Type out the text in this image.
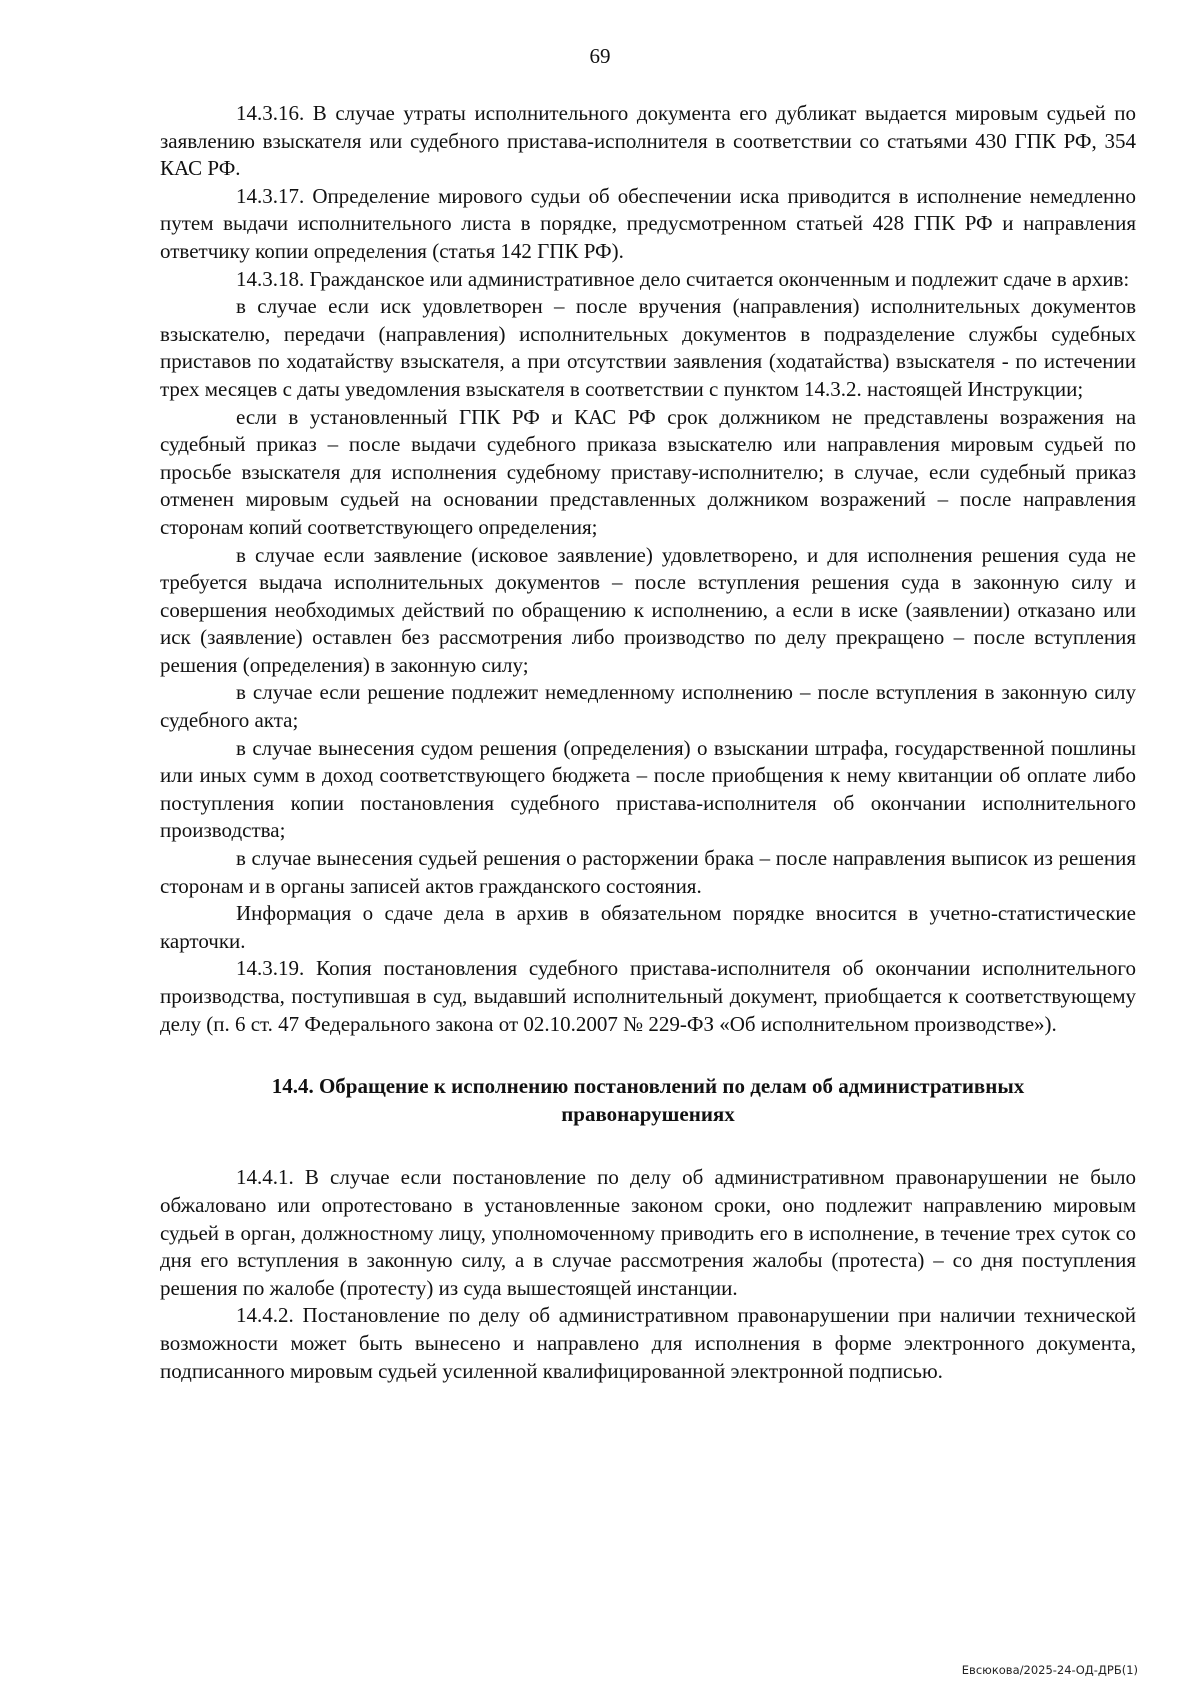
69

14.3.16. В случае утраты исполнительного документа его дубликат выдается мировым судьей по заявлению взыскателя или судебного пристава-исполнителя в соответствии со статьями 430 ГПК РФ, 354 КАС РФ.

14.3.17. Определение мирового судьи об обеспечении иска приводится в исполнение немедленно путем выдачи исполнительного листа в порядке, предусмотренном статьей 428 ГПК РФ и направления ответчику копии определения (статья 142 ГПК РФ).

14.3.18. Гражданское или административное дело считается оконченным и подлежит сдаче в архив:

в случае если иск удовлетворен – после вручения (направления) исполнительных документов взыскателю, передачи (направления) исполнительных документов в подразделение службы судебных приставов по ходатайству взыскателя, а при отсутствии заявления (ходатайства) взыскателя - по истечении трех месяцев с даты уведомления взыскателя в соответствии с пунктом 14.3.2. настоящей Инструкции;

если в установленный ГПК РФ и КАС РФ срок должником не представлены возражения на судебный приказ – после выдачи судебного приказа взыскателю или направления мировым судьей по просьбе взыскателя для исполнения судебному приставу-исполнителю; в случае, если судебный приказ отменен мировым судьей на основании представленных должником возражений – после направления сторонам копий соответствующего определения;

в случае если заявление (исковое заявление) удовлетворено, и для исполнения решения суда не требуется выдача исполнительных документов – после вступления решения суда в законную силу и совершения необходимых действий по обращению к исполнению, а если в иске (заявлении) отказано или иск (заявление) оставлен без рассмотрения либо производство по делу прекращено – после вступления решения (определения) в законную силу;

в случае если решение подлежит немедленному исполнению – после вступления в законную силу судебного акта;

в случае вынесения судом решения (определения) о взыскании штрафа, государственной пошлины или иных сумм в доход соответствующего бюджета – после приобщения к нему квитанции об оплате либо поступления копии постановления судебного пристава-исполнителя об окончании исполнительного производства;

в случае вынесения судьей решения о расторжении брака – после направления выписок из решения сторонам и в органы записей актов гражданского состояния.

Информация о сдаче дела в архив в обязательном порядке вносится в учетно-статистические карточки.

14.3.19. Копия постановления судебного пристава-исполнителя об окончании исполнительного производства, поступившая в суд, выдавший исполнительный документ, приобщается к соответствующему делу (п. 6 ст. 47 Федерального закона от 02.10.2007 № 229-ФЗ «Об исполнительном производстве»).

14.4. Обращение к исполнению постановлений по делам об административных правонарушениях

14.4.1. В случае если постановление по делу об административном правонарушении не было обжаловано или опротестовано в установленные законом сроки, оно подлежит направлению мировым судьей в орган, должностному лицу, уполномоченному приводить его в исполнение, в течение трех суток со дня его вступления в законную силу, а в случае рассмотрения жалобы (протеста) – со дня поступления решения по жалобе (протесту) из суда вышестоящей инстанции.

14.4.2. Постановление по делу об административном правонарушении при наличии технической возможности может быть вынесено и направлено для исполнения в форме электронного документа, подписанного мировым судьей усиленной квалифицированной электронной подписью.

Евсюкова/2025-24-ОД-ДРБ(1)
